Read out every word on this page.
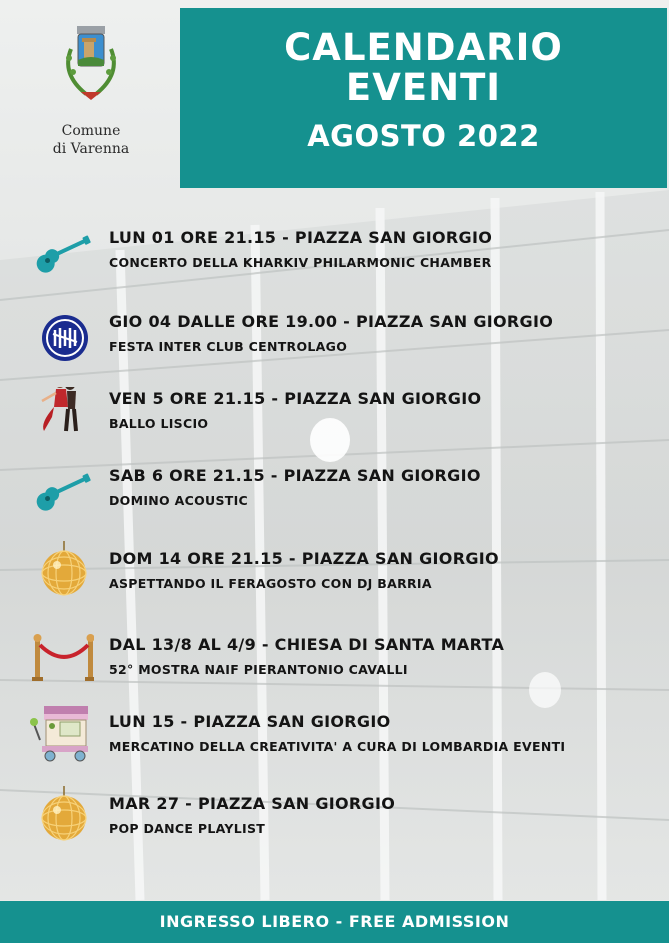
Comune
di Varenna
CALENDARIO
EVENTI
AGOSTO 2022
LUN 01 ORE 21.15 - PIAZZA SAN GIORGIO
CONCERTO DELLA KHARKIV PHILARMONIC CHAMBER
GIO 04 DALLE ORE 19.00 - PIAZZA SAN GIORGIO
FESTA INTER CLUB CENTROLAGO
VEN 5 ORE 21.15 - PIAZZA SAN GIORGIO
BALLO LISCIO
SAB 6 ORE 21.15 - PIAZZA SAN GIORGIO
DOMINO ACOUSTIC
DOM 14 ORE 21.15 - PIAZZA SAN GIORGIO
ASPETTANDO IL FERAGOSTO CON DJ BARRIA
DAL 13/8 AL 4/9 - CHIESA DI SANTA MARTA
52° MOSTRA NAIF PIERANTONIO CAVALLI
LUN 15 - PIAZZA SAN GIORGIO
MERCATINO DELLA CREATIVITA' A CURA DI LOMBARDIA EVENTI
MAR 27 - PIAZZA SAN GIORGIO
POP DANCE PLAYLIST
INGRESSO LIBERO - FREE ADMISSION
